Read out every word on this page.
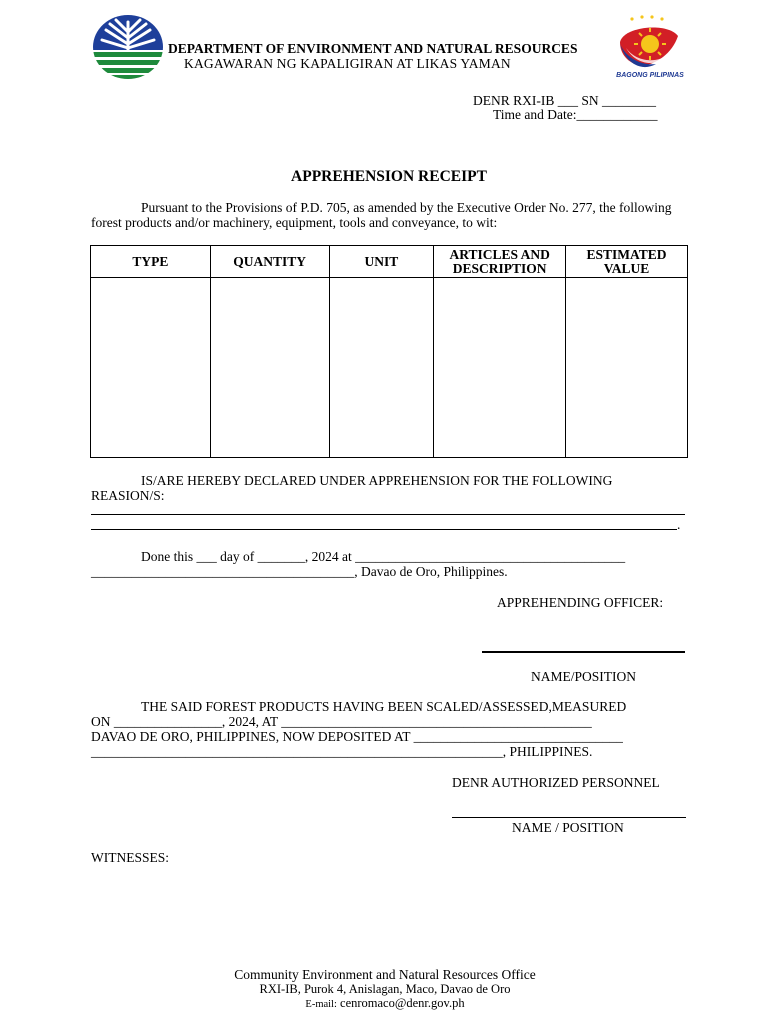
DEPARTMENT OF ENVIRONMENT AND NATURAL RESOURCES
KAGAWARAN NG KAPALIGIRAN AT LIKAS YAMAN
BAGONG PILIPINAS
DENR RXI-IB ___ SN ________
Time and Date:____________
APPREHENSION RECEIPT
Pursuant to the Provisions of P.D. 705, as amended by the Executive Order No. 277, the following forest products and/or machinery, equipment, tools and conveyance, to wit:
TYPE	QUANTITY	UNIT	ARTICLES AND DESCRIPTION	ESTIMATED VALUE

IS/ARE HEREBY DECLARED UNDER APPREHENSION FOR THE FOLLOWING REASION/S:
.
Done this ___ day of _______, 2024 at ________________________________________
_______________________________________, Davao de Oro, Philippines.
APPREHENDING OFFICER:
NAME/POSITION
THE SAID FOREST PRODUCTS HAVING BEEN SCALED/ASSESSED,MEASURED
ON ________________, 2024, AT ______________________________________________
DAVAO DE ORO, PHILIPPINES, NOW DEPOSITED AT _______________________________
_____________________________________________________________, PHILIPPINES.
DENR AUTHORIZED PERSONNEL
NAME / POSITION
WITNESSES:
Community Environment and Natural Resources Office
RXI-IB, Purok 4, Anislagan, Maco, Davao de Oro
E-mail: cenromaco@denr.gov.ph
